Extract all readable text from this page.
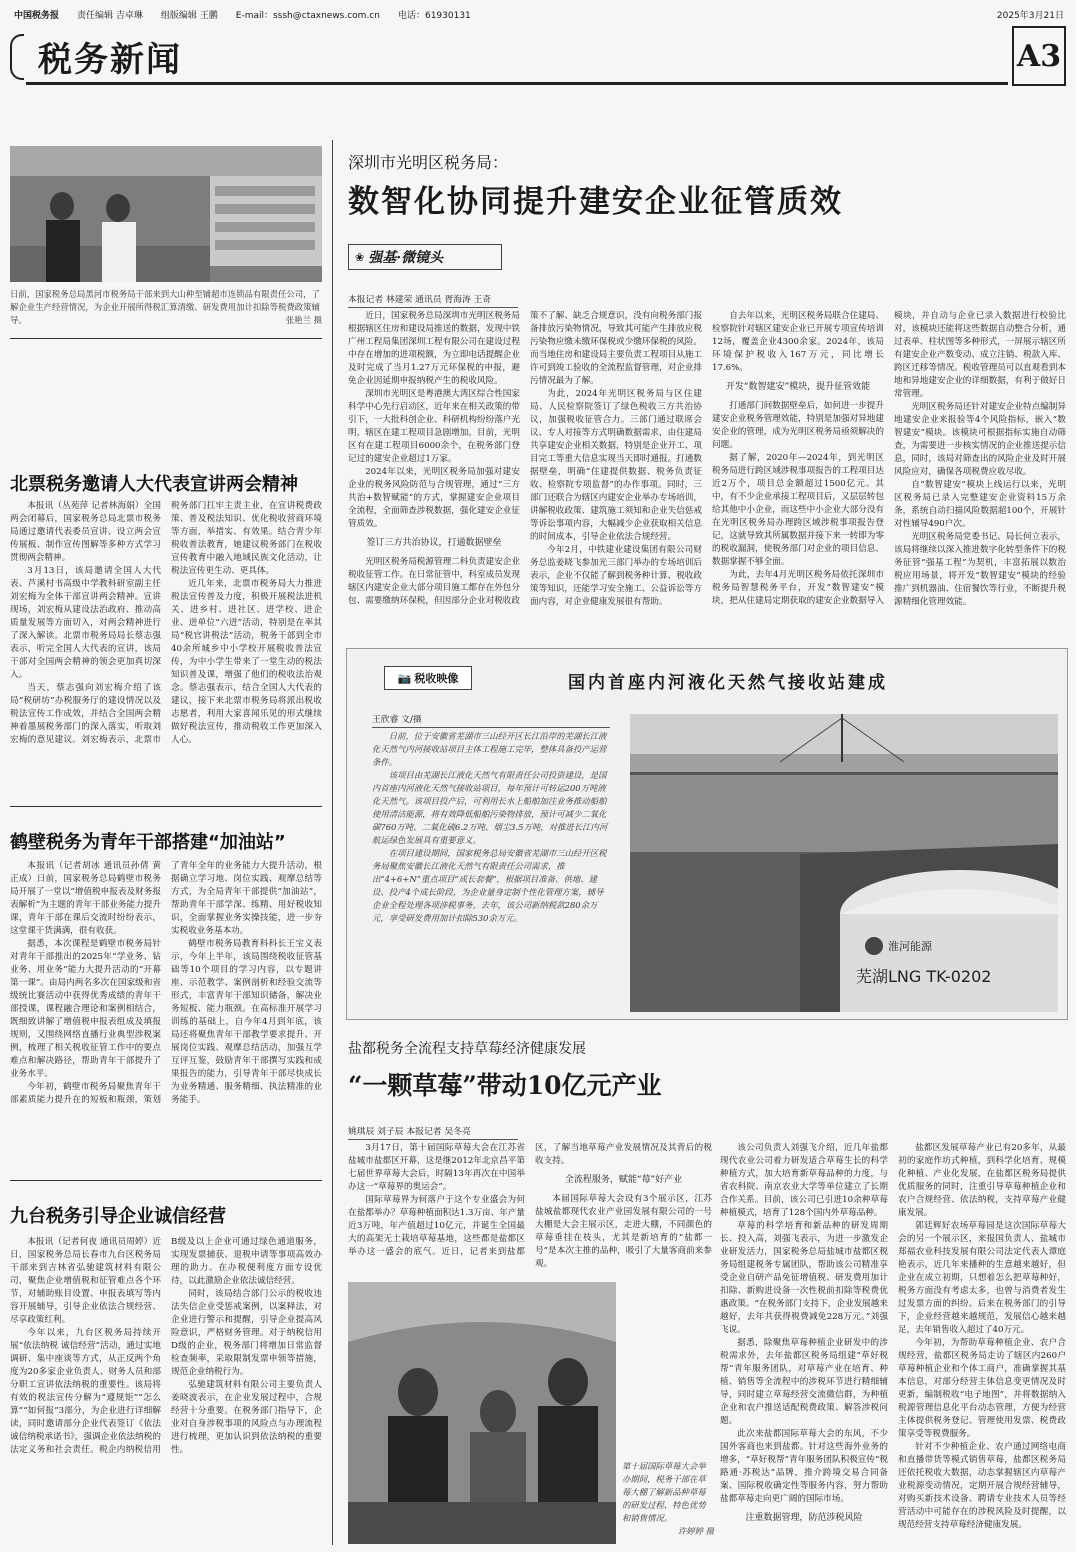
中国税务报 责任编辑 吉卓琳 组版编辑 王鹏 E-mail：sssh@ctaxnews.com.cn 电话：61930131	2025年3月21日
税务新闻	A3
日前，国家税务总局黑河市税务局干部来到大山种至铺超市连锁品有限责任公司，了解企业生产经营情况，为企业开展所得税汇算清缴、研发费用加计扣除等税费政策辅导。	张艳兰 摄
北票税务邀请人大代表宣讲两会精神

本报讯（丛苑萍 记者林海娟）全国两会闭幕后，国家税务总局北票市税务局通过邀请代表委员宣讲、设立两会宣传展板、制作宣传图解等多种方式学习贯彻两会精神。

3月13日，该局邀请全国人大代表、芦溪村书高级中学教科研室副主任刘宏梅为全体干部宣讲两会精神。宣讲现场，刘宏梅从建设法治政府、推动高质量发展等方面切入，对两会精神进行了深入解读。北票市税务局局长蔡志强表示，听完全国人大代表的宣讲，该局干部对全国两会精神的领会更加真切深入。

当天，蔡志强向刘宏梅介绍了该局“税研坊”办税服务厅的建设情况以及税法宣传工作成效，并结合全国两会精神着墨展税务部门的深入落实，听取刘宏梅的意见建议。刘宏梅表示，北票市税务部门扛牢主责主业，在宣讲税费政策、普及税法知识、优化税收营商环境等方面，举措实、有效果。结合青少年税收普法教育，她建议税务部门在税收宣传教育中融入地域民族文化活动，让税法宣传更生动、更具体。

近几年来，北票市税务局大力推进税法宣传普及力度，积极开展税法进机关、进乡村、进社区、进学校、进企业、进单位“六进”活动，特别是在率其局“税官讲税法”活动，税务干部到全市40余所城乡中小学校开展税收普法宣传，为中小学生带来了一堂生动的税法知识普及课，增强了他们的税收法治观念。蔡志强表示，结合全国人大代表的建议，接下来北票市税务局将派出税收志愿者，利用大家喜闻乐见的形式继续做好税法宣传，推动税收工作更加深入人心。

鹤壁税务为青年干部搭建“加油站”

本报讯（记者胡冰 通讯员孙倩 黄正成）日前，国家税务总局鹤壁市税务局开展了一堂以“增值税申报表及财务报表解析”为主题的青年干部业务能力提升课，青年干部在课后交流时纷纷表示，这堂课干货满满，很有收获。

据悉，本次课程是鹤壁市税务局针对青年干部推出的2025年“学业务、钻业务、用业务”能力大提升活动的“开幕第一课”。由局内两名多次在国家级和省级统比赛活动中获得优秀成绩的青年干部授课，课程融合理论和案例相结合，既细致讲解了增值税申报表组成及填报规则，又围绕网络直播行业典型涉税案例，梳理了相关税收征管工作中的要点难点和解决路径，帮助青年干部提升了业务水平。

今年初，鹤壁市税务局聚焦青年干部素质能力提升在的短板和瓶颈，策划了青年全年的业务能力大提升活动，根据确立学习地、岗位实践、观摩总结等方式，为全局青年干部提供“加油站”，帮助青年干部学深、练精、用好税收知识，全面掌握业务实操技能，进一步夯实税收业务基本功。

鹤壁市税务局教育科科长王宝义表示，今年上半年，该局围绕税收征管基础等10个项目的学习内容，以专题讲座、示范教学、案例剖析和经验交流等形式，丰富青年干部知识储备，解决业务短板、能力瓶颈。在高标准开展学习训练的基础上，自今年4月到年底，该局还将聚焦青年干部教学要求提升、开展岗位实践、观摩总结活动，加强互学互评互鉴，鼓励青年干部撰写实践和成果报告的能力，引导青年干部尽快成长为业务精通、服务精细、执法精准的业务能手。

九台税务引导企业诚信经营

本报讯（记者何夜 通讯员周婷）近日，国家税务总局长春市九台区税务局干部来到吉林省弘驰建筑材料有限公司，聚焦企业增值税和征管难点各个环节，对辅助账目设置、申报表填写等内容开展辅导，引导企业依法合规经营、尽享政策红利。

今年以来，九台区税务局持续开展“依法纳税 诚信经营”活动，通过实地调研、集中座谈等方式，从正反两个角度为20多家企业负责人、财务人员和部分职工宣讲依法纳税的重要性。该局将有效的税法宣传分解为“遵规矩”“怎么算”“如何报”3部分，为企业进行详细解读，同时邀请部分企业代表签订《依法诚信纳税承诺书》，强调企业依法纳税的法定义务和社会责任。税企内纳税信用B级及以上企业可通过绿色通道服务，实现发票捕获、退税申请等事项高效办理的助力。在办税便利度方面专设优待，以此激励企业依法诚信经营。

同时，该局结合部门公示的税收违法失信企业受惩戒案例，以案释法，对企业进行警示和提醒，引导企业提高风险意识，严格财务管理。对于纳税信用D级的企业，税务部门将增加日常监督检查频率，采取限制发票申领等措施，规范企业纳税行为。

弘驰建筑材料有限公司主要负责人姜晓波表示，在企业发展过程中，合规经营十分重要。在税务部门指导下，企业对自身涉税事项的风险点与办理流程进行梳理，更加认识到依法纳税的重要性。

深圳市光明区税务局：
数智化协同提升建安企业征管质效
❀ 强基·微镜头
本报记者 林建荣 通讯员 胥海涛 王奇

近日，国家税务总局深圳市光明区税务局根据辖区住房和建设局推送的数据，发现中铁广州工程局集团深圳工程有限公司在建设过程中存在增加的进项税额，为立即电话提醒企业及时完成了当月1.27万元环保税的申报，避免企业因延期申报纳税产生的税收风险。

深圳市光明区是粤港澳大湾区综合性国家科学中心先行启动区，近年来在相关政策的带引下，一大批科创企业、科研机构纷纷落户光明，辖区在建工程项目急剧增加。目前，光明区有在建工程项目6000余个，在税务部门登记过的建安企业超过1万家。

2024年以来，光明区税务局加强对建安企业的税务风险防范与合规管理，通过“三方共治+数智赋能”的方式，掌握建安企业项目全流程，全面筛查涉税数据，强化建安企业征管质效。

签订三方共治协议，打通数据壁垒

光明区税务局税源管理二科负责建安企业税收征管工作。在日常征管中，科室成员发现辖区内建安企业大部分项目施工都存在外包分包、需要缴纳环保税，但因部分企业对税收政策不了解、缺乏合规意识，没有向税务部门报备排放污染物情况，导致其可能产生排放应税污染物应缴未缴环保税或少缴环保税的风险。而当地住房和建设局主要负责工程项目从施工许可到竣工验收的全流程监督管理，对企业排污情况最为了解。

为此，2024年光明区税务局与区住建局、人民检察院签订了绿色税收三方共治协议，加强税收征管合力。三部门通过联席会议、专人对接等方式明确数据需求，由住建局共享建安企业相关数据，特别是企业开工、项目完工等重大信息实现当天即时通报。打通数据壁垒，明确“住建提供数据、税务负责征收、检察院专项监督”的办作事项。同时，三部门还联合为辖区内建安企业举办专场培训，讲解税收政策、建筑施工须知和企业失信惩戒等诉讼事项内容，大幅减少企业获取相关信息的时间成本，引导企业依法合规经营。

今年2月，中铁建业建设集团有限公司财务总监姜晓飞参加光三部门举办的专场培训后表示，企业不仅能了解到税务种计算、税收政策等知识，还能学习安全施工、公益诉讼等方面内容，对企业健康发展很有帮助。

自去年以来，光明区税务局联合住建局、检察院针对辖区建安企业已开展专项宣传培训12场，覆盖企业4300余家。2024年，该局环境保护税收入167万元，同比增长17.6%。

开发“数智建安”模块，提升征管效能

打通部门间数据壁垒后，如何进一步提升建安企业税务管理效能，特别是加强对异地建安企业的管理，成为光明区税务局亟须解决的问题。

据了解，2020年—2024年，到光明区税务局进行跨区域涉税事项报告的工程项目达近2万个，项目总金额超过1500亿元。其中，有不少企业承接工程项目后，又层层转包给其他中小企业，而这些中小企业大部分没有在光明区税务局办理跨区域涉税事项报告登记，这就导致其所属数据并接下来一转即为零的税收漏洞，使税务部门对企业的项目信息、数据掌握不够全面。

为此，去年4月光明区税务局依托深圳市税务局智慧税务平台，开发“数智建安”模块，把从住建局定期获取的建安企业数据导入模块，并自动与企业已录入数据进行校验比对，该模块还能将这些数据自动整合分析，通过表单、柱状图等多种形式，一屏展示辖区所有建安企业产数变动、成立注销、税款入库、跨区迁移等情况。税收管理员可以直观看到本地和异地建安企业的详细数据，有利于做好日常管理。

光明区税务局还针对建安企业特点编制异地建安企业来报验等4个风险指标，嵌入“数智建安”模块。该模块可根据指标实施自动筛查，为需要进一步核实情况的企业推送提示信息，同时，该局对筛查出的风险企业及时开展风险应对，确保各项税费应收尽收。

自“数智建安”模块上线运行以来，光明区税务局已录入完整建安企业资料15万余条，系统自动扫描风险数据超100个，开展针对性辅导490户次。

光明区税务局党委书记、局长何立表示，该局将继续以深入推进数字化转型条件下的税务征管“强基工程”为契机，丰富拓展以数治税应用场景，将开发“数智建安”模块的经验推广到机器油、住宿餐饮等行业，不断提升税源精细化管理效能。

📷 税收映像	国内首座内河液化天然气接收站建成
王欣睿 文/摄

日前，位于安徽省芜湖市三山经开区长江沿岸的芜湖长江液化天然气内河接收站项目主体工程施工完毕，整体具备投产运营条件。

该项目由芜湖长江液化天然气有限责任公司投资建设，是国内首座内河液化天然气接收站项目，每年预计可转运200万吨液化天然气。该项目投产后，可利用长水上船舶加注业务推动船舶使用清洁能源，将有效降低船舶污染物排放，预计可减少二氧化碳760万吨、二氧化硫6.2万吨、烟尘3.5万吨，对推进长江内河航运绿色发展具有重要意义。

在项目建设期间，国家税务总局安徽省芜湖市三山经开区税务局聚焦安徽长江液化天然气有限责任公司需求，推出“4+6+N”重点项目“成长套餐”，根据项目准备、供地、建设、投产4个成长阶段，为企业量身定制个性化管理方案，辅导企业全程处理各项涉税事务。去年，该公司新纳税款280余万元，享受研发费用加计扣除530余万元。

淮河能源
芜湖LNG TK-0202
盐都税务全流程支持草莓经济健康发展
“一颗草莓”带动10亿元产业
姚琪辰 刘子辰 本报记者 吴冬亮

3月17日，第十届国际草莓大会在江苏省盐城市盐都区开幕，这是继2012年北京昌平第七届世界草莓大会后，时隔13年再次在中国举办这一“草莓界的奥运会”。

国际草莓界为何落户于这个专业盛会为何在盐都举办？草莓种植面积达1.3万亩、年产量近3万吨，年产值超过10亿元，并诞生全国最大的高架无土栽培草莓基地，这些都是盐都区举办这一盛会的底气。近日，记者来到盐都区，了解当地草莓产业发展情况及其背后的税收支持。

全流程服务，赋能“莓”好产业

本届国际草莓大会设有3个展示区，江苏盐城盐都现代农业产业园发展有限公司的一号大棚是大会主展示区，走进大棚，不同颜色的草莓垂挂在枝头，尤其是新培育的“盐都一号”是本次主推的品种，吸引了大量客商前来参观。

第十届国际草莓大会举办期间，税务干部在草莓大棚了解新品种草莓的研发过程、特色优势和销售情况。
许婷婷 摄

该公司负责人刘强飞介绍，近几年盐都现代农业公司着力研发适合草莓生长的科学种植方式，加大培育新草莓品种的力度，与省农科院、南京农业大学等单位建立了长期合作关系。目前，该公司已引进10余种草莓种植模式，培育了128个国内外草莓品种。

草莓的科学培育和新品种的研发周期长、投入高，刘强飞表示，为进一步激发企业研发活力，国家税务总局盐城市盐都区税务局组建税务专属团队，帮助该公司精准享受企业自研产品免征增值税、研发费用加计扣除、新购进设备一次性税前扣除等税费优惠政策。“在税务部门支持下，企业发展越来越好，去年共获得税费减免228万元。”刘强飞说。

据悉，除聚焦草莓种植企业研发中的涉税需求外，去年盐都区税务局组建“草好税帮”青年服务团队，对草莓产业在培育、种植、销售等全流程中的涉税环节进行精细辅导，同时建立草莓经营交流微信群，为种植企业和农户推送适配税费政策、解答涉税问题。

此次来盐都国际草莓大会的东风，不少国外客商也来到盐都。针对这些海外业务的增多，“草好税帮”青年服务团队积极宣传“税路通·苏税达”品牌，推介跨境交易合同备案、国际税收确定性等服务内容，努力帮助盐都草莓走向更广阔的国际市场。

注重数据管理，防范涉税风险

盐都区发展草莓产业已有20多年，从最初的家庭作坊式种植，到科学化培育、规模化种植、产业化发展，在盐都区税务局提供优质服务的同时，注重引导草莓种植企业和农户合规经营、依法纳税，支持草莓产业健康发展。

郭廷辉好农场草莓园是这次国际草莓大会的另一个展示区，来报国负责人、盐城市郑福农业科技发展有限公司法定代表人谭庭艳表示，近几年来播种的生意越来越好，但企业在成立初期，只想着怎么把草莓种好，税务方面没有考虑太多，也曾与消费者发生过发票方面的纠纷。后来在税务部门的引导下，企业经营越来越规范，发展信心越来越足，去年销售收入超过了40万元。

今年初，为帮助草莓种植企业、农户合规经营，盐都区税务局走访了辖区内260户草莓种植企业和个体工商户，准确掌握其基本信息，对部分经营主体信息变更情况及时更新，编制税收“电子地图”，并将数据纳入税源管理信息化平台动态管理，方便为经营主体提供税务登记、管理使用发票、税费政策享受等税费服务。

针对不少种植企业、农户通过网络电商和直播带货等模式销售草莓，盐都区税务局还依托税收大数据，动态掌握辖区内草莓产业税源变动情况，定期开展合规经营辅导，对购买新技术设备、聘请专业技术人员等经营活动中可能存在的涉税风险及时提醒，以规范经营支持草莓经济健康发展。
